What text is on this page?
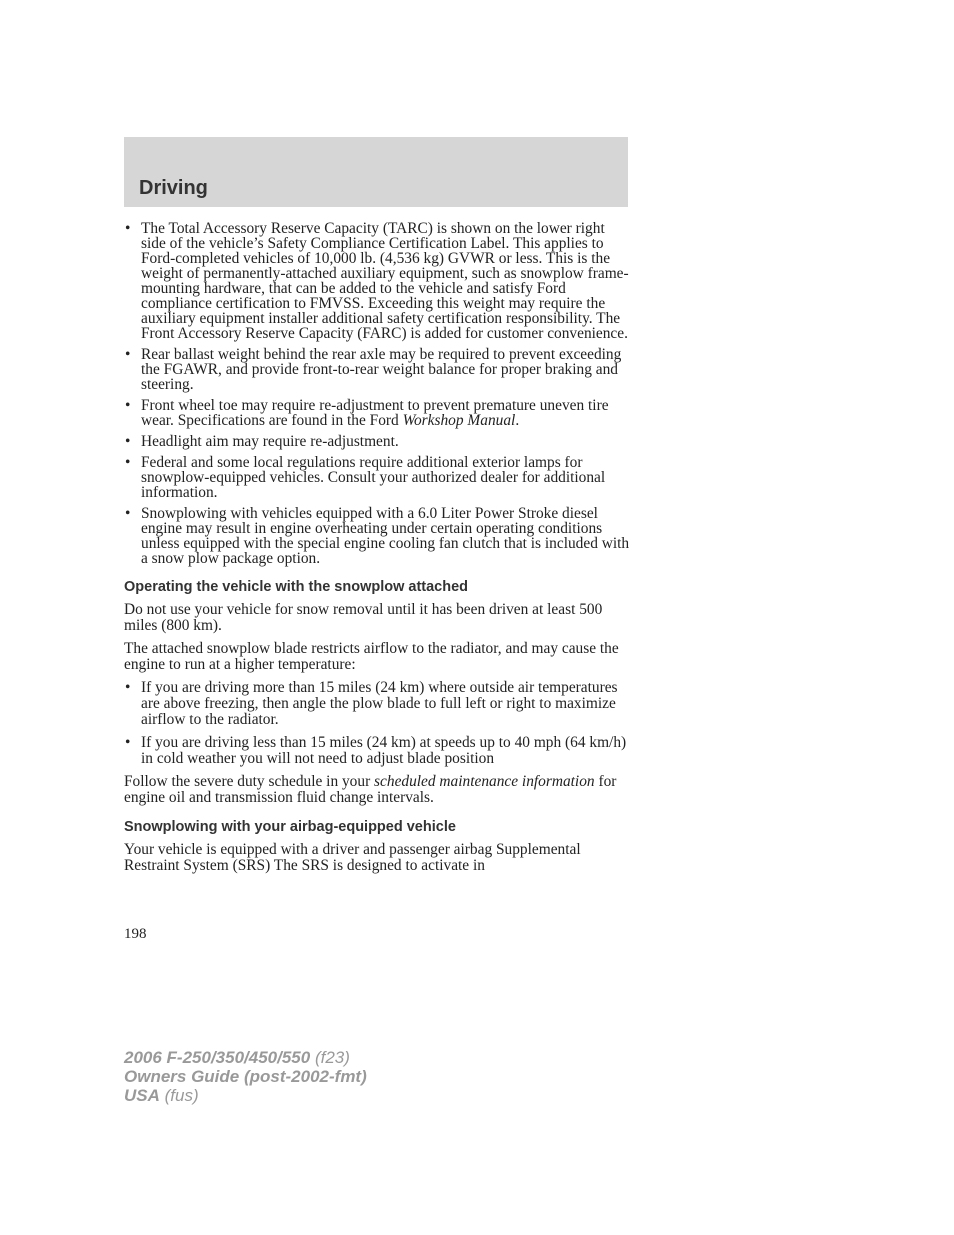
Driving
• The Total Accessory Reserve Capacity (TARC) is shown on the lower right side of the vehicle’s Safety Compliance Certification Label. This applies to Ford-completed vehicles of 10,000 lb. (4,536 kg) GVWR or less. This is the weight of permanently-attached auxiliary equipment, such as snowplow frame-mounting hardware, that can be added to the vehicle and satisfy Ford compliance certification to FMVSS. Exceeding this weight may require the auxiliary equipment installer additional safety certification responsibility. The Front Accessory Reserve Capacity (FARC) is added for customer convenience.
• Rear ballast weight behind the rear axle may be required to prevent exceeding the FGAWR, and provide front-to-rear weight balance for proper braking and steering.
• Front wheel toe may require re-adjustment to prevent premature uneven tire wear. Specifications are found in the Ford Workshop Manual.
• Headlight aim may require re-adjustment.
• Federal and some local regulations require additional exterior lamps for snowplow-equipped vehicles. Consult your authorized dealer for additional information.
• Snowplowing with vehicles equipped with a 6.0 Liter Power Stroke diesel engine may result in engine overheating under certain operating conditions unless equipped with the special engine cooling fan clutch that is included with a snow plow package option.
Operating the vehicle with the snowplow attached

Do not use your vehicle for snow removal until it has been driven at least 500 miles (800 km).

The attached snowplow blade restricts airflow to the radiator, and may cause the engine to run at a higher temperature:

• If you are driving more than 15 miles (24 km) where outside air temperatures are above freezing, then angle the plow blade to full left or right to maximize airflow to the radiator.
• If you are driving less than 15 miles (24 km) at speeds up to 40 mph (64 km/h) in cold weather you will not need to adjust blade position

Follow the severe duty schedule in your scheduled maintenance information for engine oil and transmission fluid change intervals.

Snowplowing with your airbag-equipped vehicle

Your vehicle is equipped with a driver and passenger airbag Supplemental Restraint System (SRS) The SRS is designed to activate in

198
2006 F-250/350/450/550 (f23)
Owners Guide (post-2002-fmt)
USA (fus)
